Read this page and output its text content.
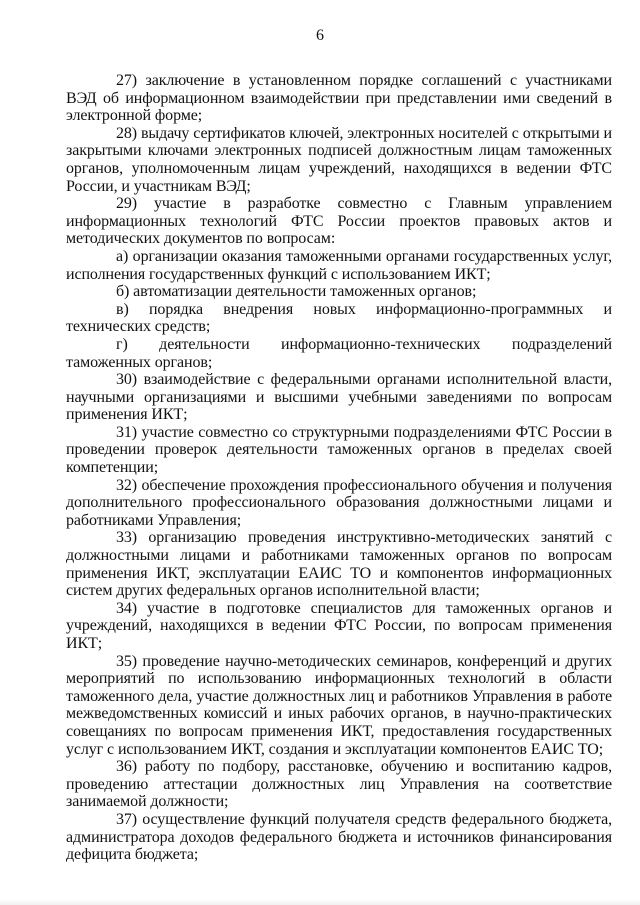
6

27) заключение в установленном порядке соглашений с участниками ВЭД об информационном взаимодействии при представлении ими сведений в электронной форме;

28) выдачу сертификатов ключей, электронных носителей с открытыми и закрытыми ключами электронных подписей должностным лицам таможенных органов, уполномоченным лицам учреждений, находящихся в ведении ФТС России, и участникам ВЭД;

29) участие в разработке совместно с Главным управлением информационных технологий ФТС России проектов правовых актов и методических документов по вопросам:

а) организации оказания таможенными органами государственных услуг, исполнения государственных функций с использованием ИКТ;

б) автоматизации деятельности таможенных органов;

в) порядка внедрения новых информационно-программных и технических средств;

г) деятельности информационно-технических подразделений таможенных органов;

30) взаимодействие с федеральными органами исполнительной власти, научными организациями и высшими учебными заведениями по вопросам применения ИКТ;

31) участие совместно со структурными подразделениями ФТС России в проведении проверок деятельности таможенных органов в пределах своей компетенции;

32) обеспечение прохождения профессионального обучения и получения дополнительного профессионального образования должностными лицами и работниками Управления;

33) организацию проведения инструктивно-методических занятий с должностными лицами и работниками таможенных органов по вопросам применения ИКТ, эксплуатации ЕАИС ТО и компонентов информационных систем других федеральных органов исполнительной власти;

34) участие в подготовке специалистов для таможенных органов и учреждений, находящихся в ведении ФТС России, по вопросам применения ИКТ;

35) проведение научно-методических семинаров, конференций и других мероприятий по использованию информационных технологий в области таможенного дела, участие должностных лиц и работников Управления в работе межведомственных комиссий и иных рабочих органов, в научно-практических совещаниях по вопросам применения ИКТ, предоставления государственных услуг с использованием ИКТ, создания и эксплуатации компонентов ЕАИС ТО;

36) работу по подбору, расстановке, обучению и воспитанию кадров, проведению аттестации должностных лиц Управления на соответствие занимаемой должности;

37) осуществление функций получателя средств федерального бюджета, администратора доходов федерального бюджета и источников финансирования дефицита бюджета;
